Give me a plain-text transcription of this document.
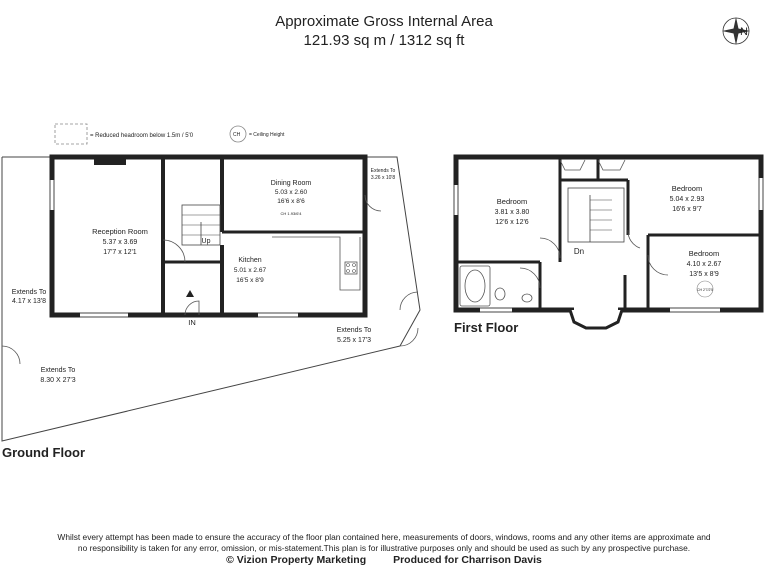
Approximate Gross Internal Area
121.93 sq m / 1312 sq ft	N
= Reduced headroom below 1.5m / 5'0	CH = Ceiling Height
Reception Room
5.37 x 3.69
17'7 x 12'1
Dining Room
5.03 x 2.60
16'6 x 8'6
CH 1.93/6'4
Kitchen
5.01 x 2.67
16'5 x 8'9
Up
IN
Extends To
3.26 x 10'8
Extends To
4.17 x 13'8
Extends To
5.25 x 17'3
Extends To
8.30 X 27'3
Bedroom
3.81 x 3.80
12'6 x 12'6
Bedroom
5.04 x 2.93
16'6 x 9'7
Bedroom
4.10 x 2.67
13'5 x 8'9
CH 2'7/2'5
Dn
Ground Floor
First Floor
Whilst every attempt has been made to ensure the accuracy of the floor plan contained here, measurements of doors, windows, rooms and any other items are approximate and
no responsibility is taken for any error, omission, or mis-statement.This plan is for illustrative purposes only and should be used as such by any prospective purchase.
© Vizion Property Marketing	Produced for Charrison Davis
